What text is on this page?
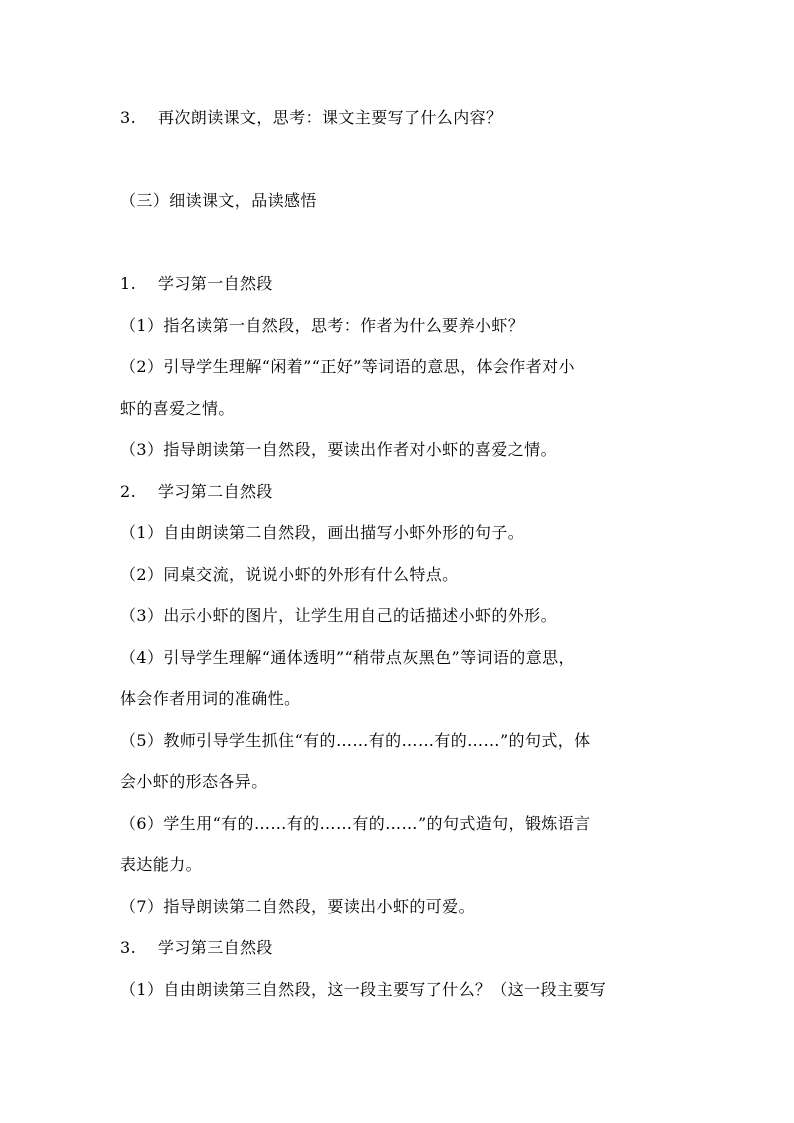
3. 再次朗读课文，思考：课文主要写了什么内容？
（三）细读课文，品读感悟
1. 学习第一自然段
（1）指名读第一自然段，思考：作者为什么要养小虾？
（2）引导学生理解“闲着”“正好”等词语的意思，体会作者对小
虾的喜爱之情。
（3）指导朗读第一自然段，要读出作者对小虾的喜爱之情。
2. 学习第二自然段
（1）自由朗读第二自然段，画出描写小虾外形的句子。
（2）同桌交流，说说小虾的外形有什么特点。
（3）出示小虾的图片，让学生用自己的话描述小虾的外形。
（4）引导学生理解“通体透明”“稍带点灰黑色”等词语的意思，
体会作者用词的准确性。
（5）教师引导学生抓住“有的……有的……有的……”的句式，体
会小虾的形态各异。
（6）学生用“有的……有的……有的……”的句式造句，锻炼语言
表达能力。
（7）指导朗读第二自然段，要读出小虾的可爱。
3. 学习第三自然段
（1）自由朗读第三自然段，这一段主要写了什么？（这一段主要写
